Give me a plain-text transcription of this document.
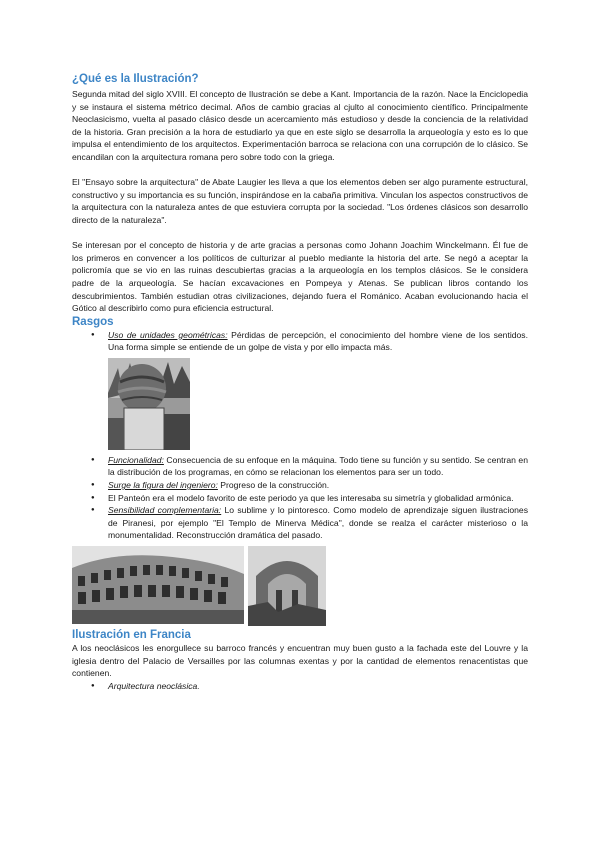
¿Qué es la Ilustración?

Segunda mitad del siglo XVIII. El concepto de Ilustración se debe a Kant. Importancia de la razón. Nace la Enciclopedia y se instaura el sistema métrico decimal. Años de cambio gracias al cjulto al conocimiento científico. Principalmente Neoclasicismo, vuelta al pasado clásico desde un acercamiento más estudioso y desde la conciencia de la relatividad de la historia. Gran precisión a la hora de estudiarlo ya que en este siglo se desarrolla la arqueología y esto es lo que impulsa el entendimiento de los arquitectos. Experimentación barroca se relaciona con una corrupción de lo clásico. Se encandilan con la arquitectura romana pero sobre todo con la griega.

El "Ensayo sobre la arquitectura" de Abate Laugier les lleva a que los elementos deben ser algo puramente estructural, constructivo y su importancia es su función, inspirándose en la cabaña primitiva. Vinculan los aspectos constructivos de la arquitectura con la naturaleza antes de que estuviera corrupta por la sociedad. "Los órdenes clásicos son desarrollo directo de la naturaleza".

Se interesan por el concepto de historia y de arte gracias a personas como Johann Joachim Winckelmann. Él fue de los primeros en convencer a los políticos de culturizar al pueblo mediante la historia del arte. Se negó a aceptar la policromía que se vio en las ruinas descubiertas gracias a la arqueología en los templos clásicos. Se le considera padre de la arqueología. Se hacían excavaciones en Pompeya y Atenas. Se publican libros contando los descubrimientos. También estudian otras civilizaciones, dejando fuera el Románico. Acaban evolucionando hacia el Gótico al describirlo como pura eficiencia estructural.

Rasgos
● Uso de unidades geométricas: Pérdidas de percepción, el conocimiento del hombre viene de los sentidos. Una forma simple se entiende de un golpe de vista y por ello impacta más.
● Funcionalidad: Consecuencia de su enfoque en la máquina. Todo tiene su función y su sentido. Se centran en la distribución de los programas, en cómo se relacionan los elementos para ser un todo.
● Surge la figura del ingeniero: Progreso de la construcción.
● El Panteón era el modelo favorito de este periodo ya que les interesaba su simetría y globalidad armónica.
● Sensibilidad complementaria: Lo sublime y lo pintoresco. Como modelo de aprendizaje siguen ilustraciones de Piranesi, por ejemplo "El Templo de Minerva Médica", donde se realza el carácter misterioso o la monumentalidad. Reconstrucción dramática del pasado.
Ilustración en Francia

A los neoclásicos les enorgullece su barroco francés y encuentran muy buen gusto a la fachada este del Louvre y la iglesia dentro del Palacio de Versailles por las columnas exentas y por la cantidad de elementos renacentistas que contienen.

● Arquitectura neoclásica.
